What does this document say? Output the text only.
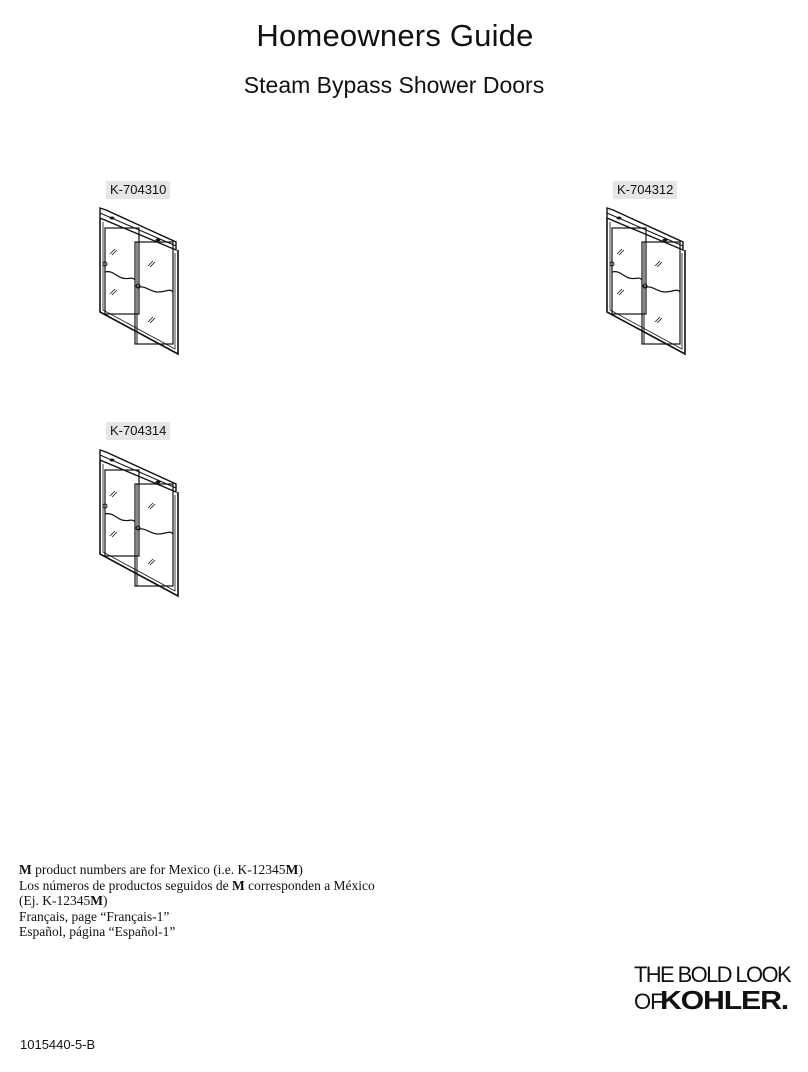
Homeowners Guide
Steam Bypass Shower Doors
K-704310	K-704312
K-704314
M product numbers are for Mexico (i.e. K-12345M)
Los números de productos seguidos de M corresponden a México
(Ej. K-12345M)
Français, page “Français-1”
Español, página “Español-1”
THE BOLD LOOK
OF
KOHLER.
1015440-5-B
